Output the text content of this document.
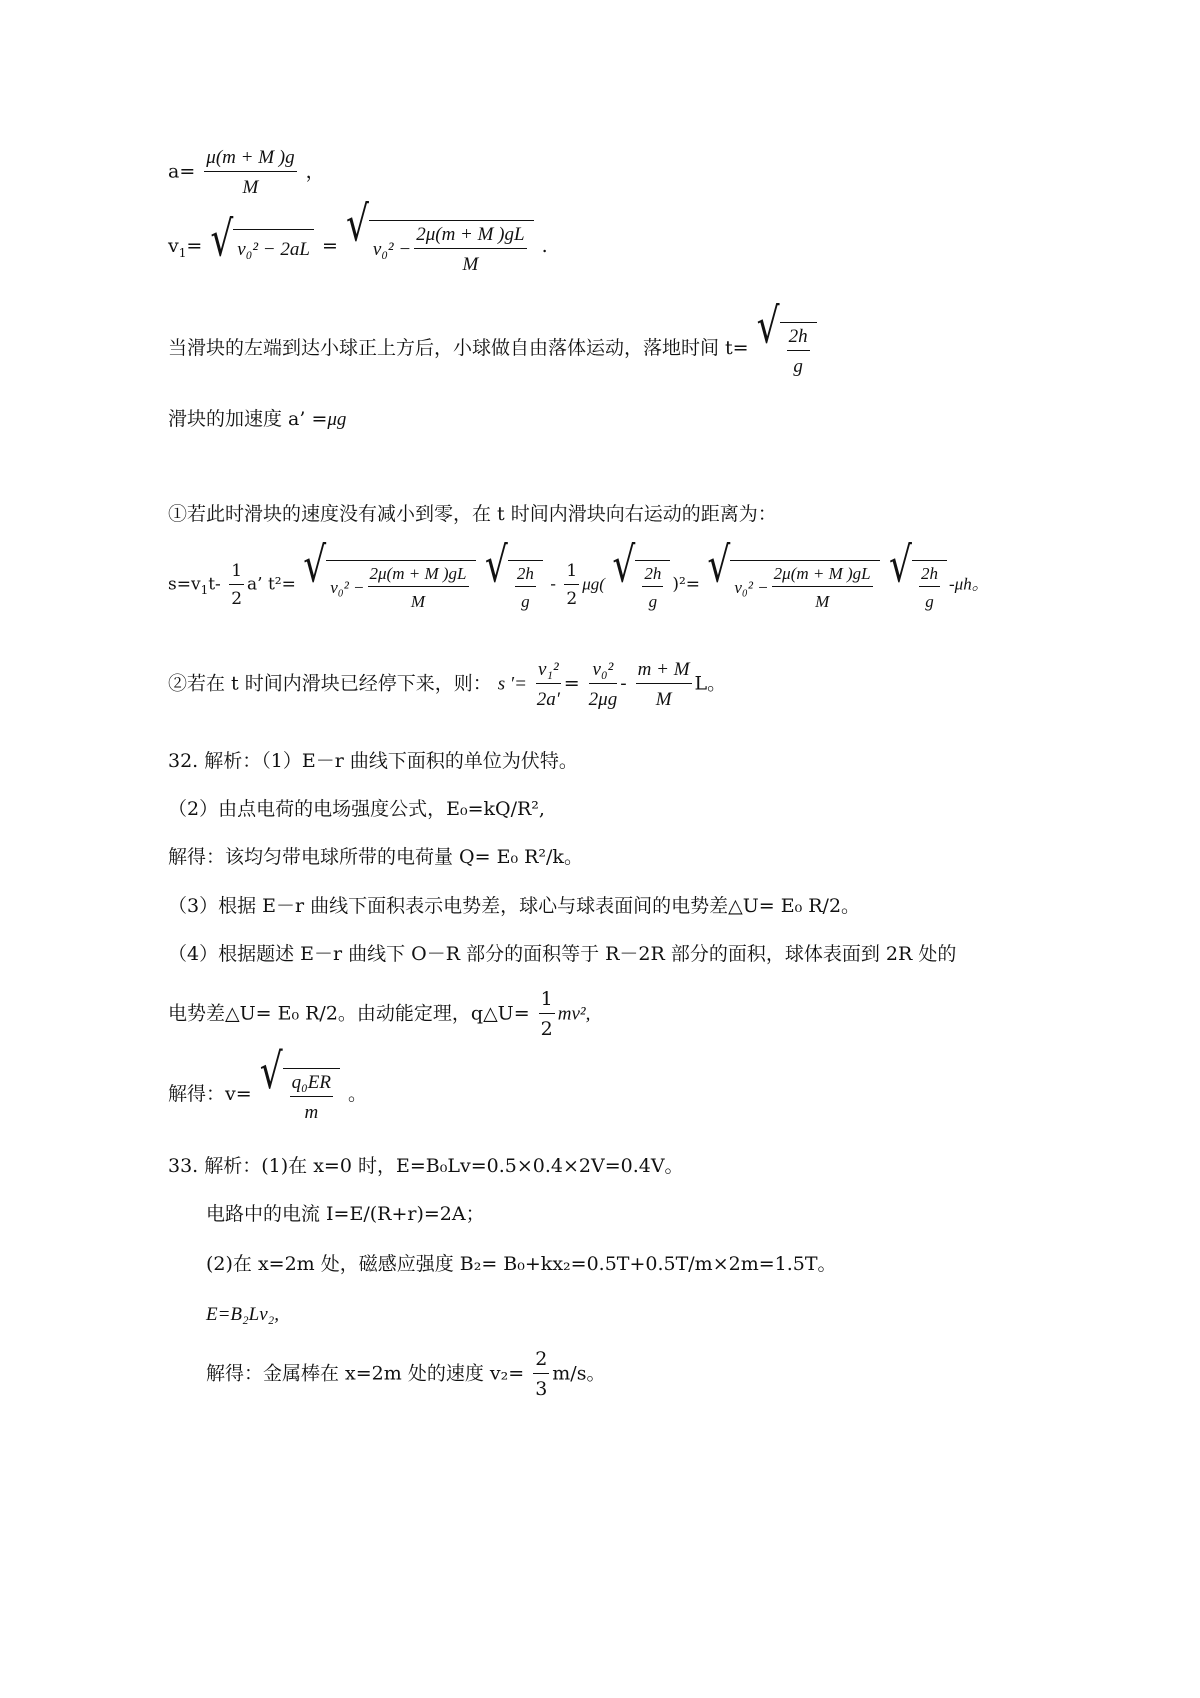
$a= \frac{\mu(m + M )g}{M}$ ，
$v_1=$ √ v₀² − 2aL = √ $v_0^2 - \frac{2\mu(m + M )gL}{M}$ .
当滑块的左端到达小球正上方后，小球做自由落体运动，落地时间 t= √ $\frac{2h}{g}$
滑块的加速度 a’ =μg
①若此时滑块的速度没有减小到零，在 t 时间内滑块向右运动的距离为：
$s=v_1t- \frac{1}{2} a$’ t²= √ $v_0^2 - \frac{2\mu(m + M )gL}{M}$
√ $\frac{2h}{g} - \frac{1}{2} \mu g$( √ $\frac{2h}{g} )^2=$ √ $v_0^2 - \frac{2\mu(m + M )gL}{M}$
√ $\frac{2h}{g} -\mu h$。
②若在 t 时间内滑块已经停下来，则： s ′= $\frac{\text{v₁²}}{2a'} = \frac{\text{v₀²}}{2\mu g} - \frac{m + M}{M}$ L。
32. 解析：（1）E－r 曲线下面积的单位为伏特。
（2）由点电荷的电场强度公式，E₀=kQ/R²,
解得：该均匀带电球所带的电荷量 Q= E₀ R²/k。
（3）根据 E－r 曲线下面积表示电势差，球心与球表面间的电势差△U= E₀ R/2。
（4）根据题述 E－r 曲线下 O－R 部分的面积等于 R－2R 部分的面积，球体表面到 2R 处的
电势差△U= E₀ R/2。由动能定理，q△U= $\frac{1}{2} mv^2$,
解得：v= √ $\frac{\text{q₀ER}}{m}$ 。
33. 解析：(1)在 x=0 时，E=B₀Lv=0.5×0.4×2V=0.4V。
电路中的电流 I=E/(R+r)=2A；
(2)在 x=2m 处，磁感应强度 B₂= B₀+kx₂=0.5T+0.5T/m×2m=1.5T。
E=B₂Lv₂,
解得：金属棒在 x=2m 处的速度 $v_2= \frac{2}{3} m/s$。
